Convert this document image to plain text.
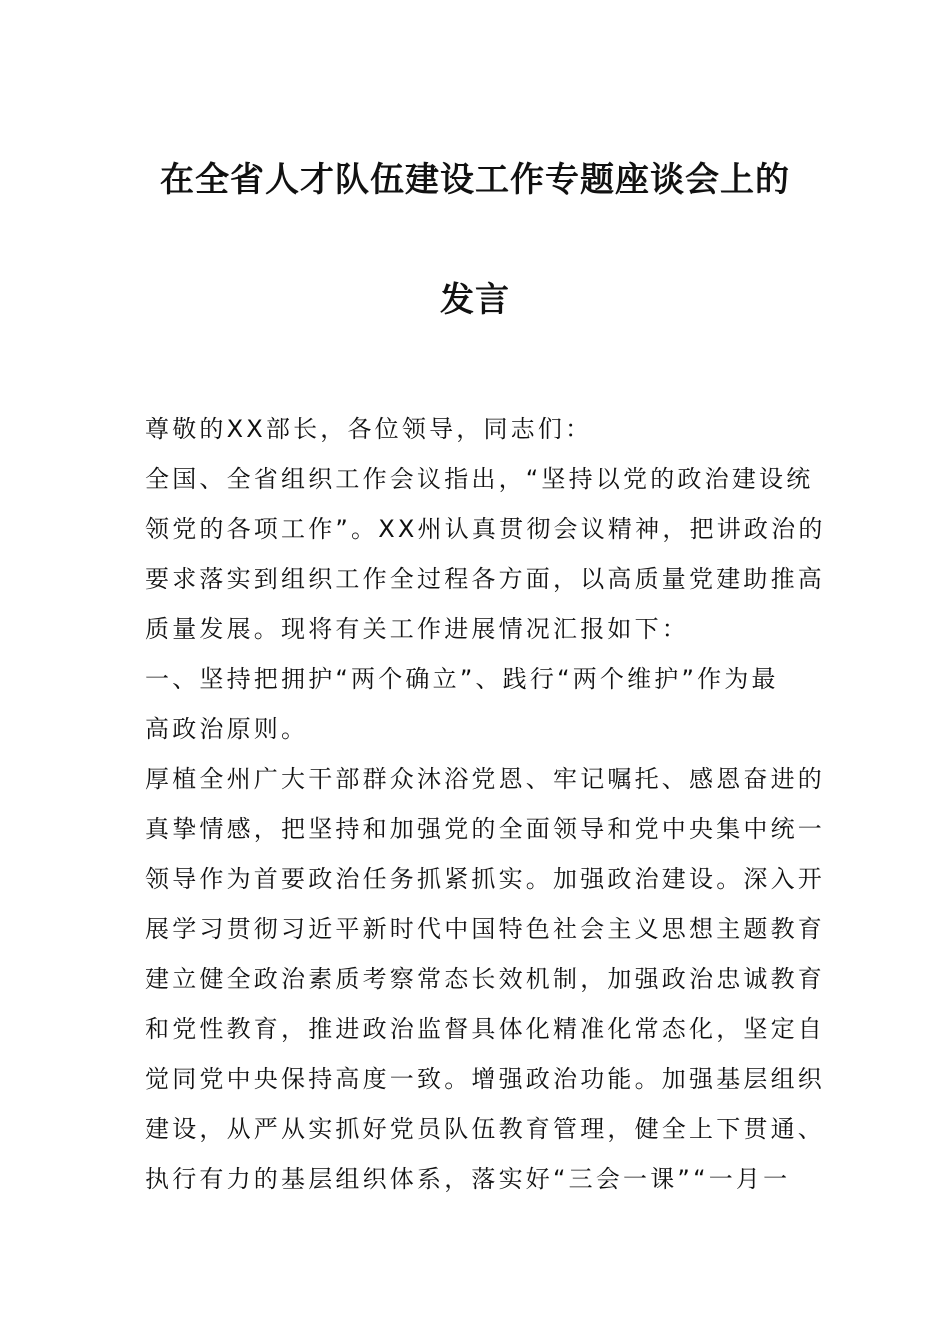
在全省人才队伍建设工作专题座谈会上的
发言
尊敬的XX部长，各位领导，同志们：
全国、全省组织工作会议指出，“坚持以党的政治建设统
领党的各项工作”。XX州认真贯彻会议精神，把讲政治的
要求落实到组织工作全过程各方面，以高质量党建助推高
质量发展。现将有关工作进展情况汇报如下：
一、坚持把拥护“两个确立”、践行“两个维护”作为最
高政治原则。
厚植全州广大干部群众沐浴党恩、牢记嘱托、感恩奋进的
真挚情感，把坚持和加强党的全面领导和党中央集中统一
领导作为首要政治任务抓紧抓实。加强政治建设。深入开
展学习贯彻习近平新时代中国特色社会主义思想主题教育
建立健全政治素质考察常态长效机制，加强政治忠诚教育
和党性教育，推进政治监督具体化精准化常态化，坚定自
觉同党中央保持高度一致。增强政治功能。加强基层组织
建设，从严从实抓好党员队伍教育管理，健全上下贯通、
执行有力的基层组织体系，落实好“三会一课”“一月一
